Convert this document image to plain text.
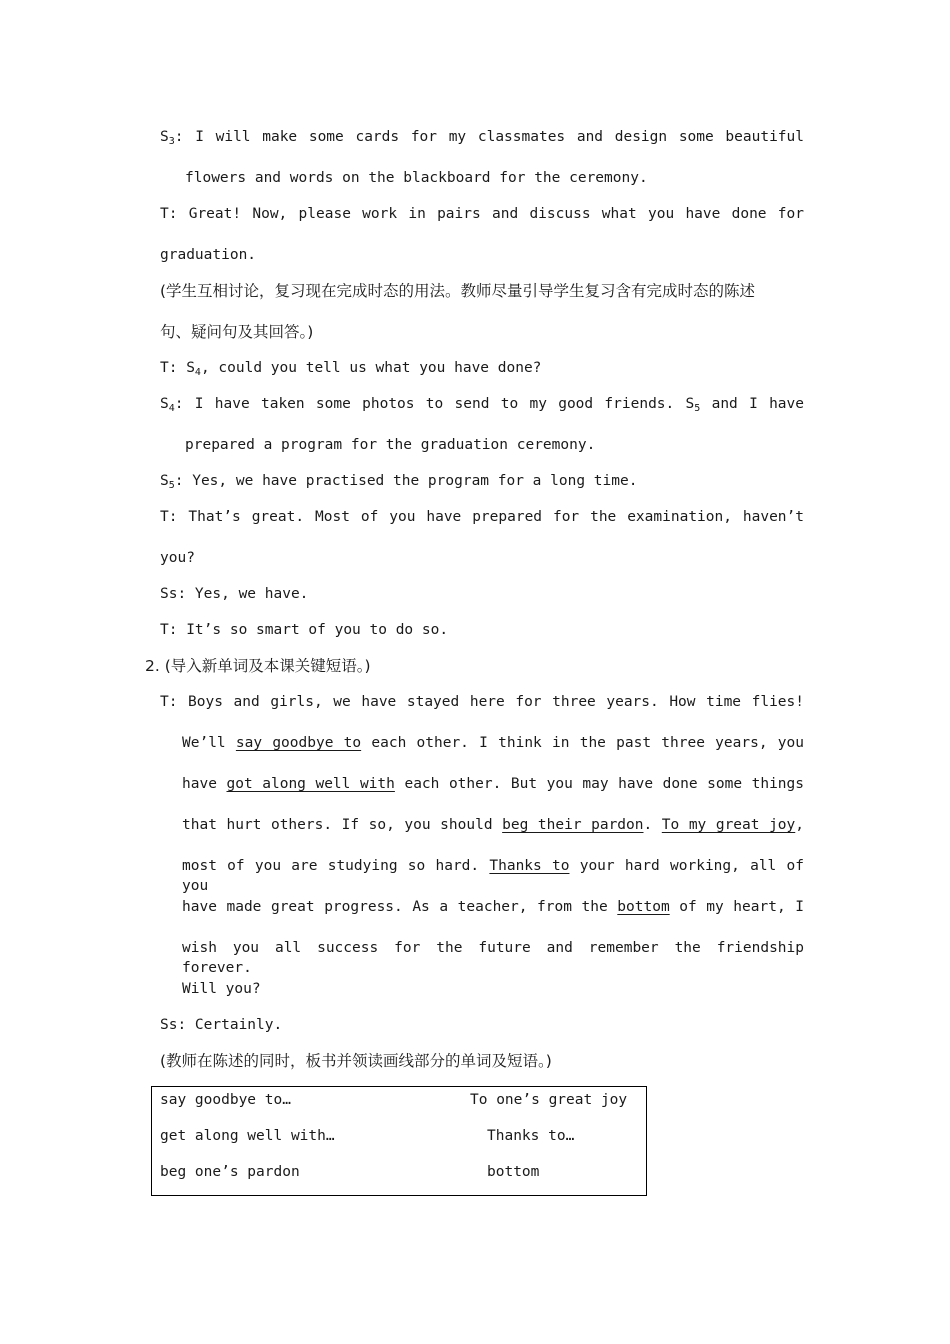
$S_3$: I will make some cards for my classmates and design some beautiful
flowers and words on the blackboard for the ceremony.
T: Great! Now, please work in pairs and discuss what you have done for
graduation.
(学生互相讨论，复习现在完成时态的用法。教师尽量引导学生复习含有完成时态的陈述
句、疑问句及其回答。)
T: $S_4$, could you tell us what you have done?
$S_4$: I have taken some photos to send to my good friends. $S_5$ and I have
prepared a program for the graduation ceremony.
$S_5$: Yes, we have practised the program for a long time.
T: That’s great. Most of you have prepared for the examination, haven’t
you?
Ss: Yes, we have.
T: It’s so smart of you to do so.
2. (导入新单词及本课关键短语。)
T: Boys and girls, we have stayed here for three years. How time flies!
We’ll say goodbye to each other. I think in the past three years, you
have got along well with each other. But you may have done some things
that hurt others. If so, you should beg their pardon. To my great joy,
most of you are studying so hard. Thanks to your hard working, all of you
have made great progress. As a teacher, from the bottom of my heart, I
wish you all success for the future and remember the friendship forever.
Will you?
Ss: Certainly.
(教师在陈述的同时，板书并领读画线部分的单词及短语。)
say goodbye to…
get along well with…
beg one’s pardon
To one’s great joy
Thanks to…
bottom
